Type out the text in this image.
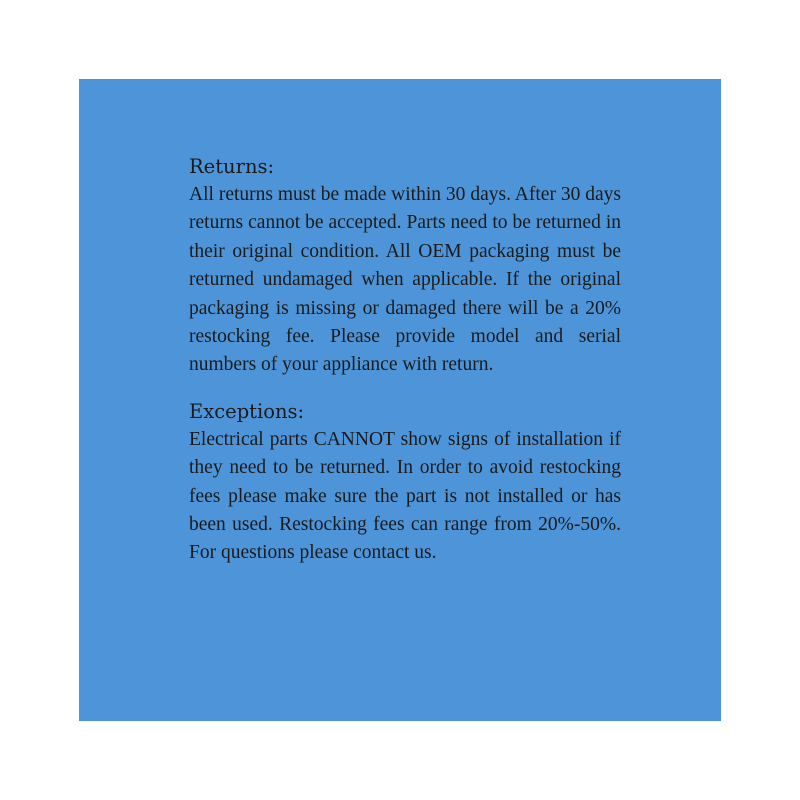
Returns:

All returns must be made within 30 days. After 30 days returns cannot be accepted. Parts need to be returned in their original condition. All OEM packaging must be returned undamaged when applicable. If the original packaging is missing or damaged there will be a 20% restocking fee. Please provide model and serial numbers of your appliance with return.

Exceptions:

Electrical parts CANNOT show signs of installation if they need to be returned. In order to avoid restocking fees please make sure the part is not installed or has been used. Restocking fees can range from 20%-50%. For questions please contact us.
